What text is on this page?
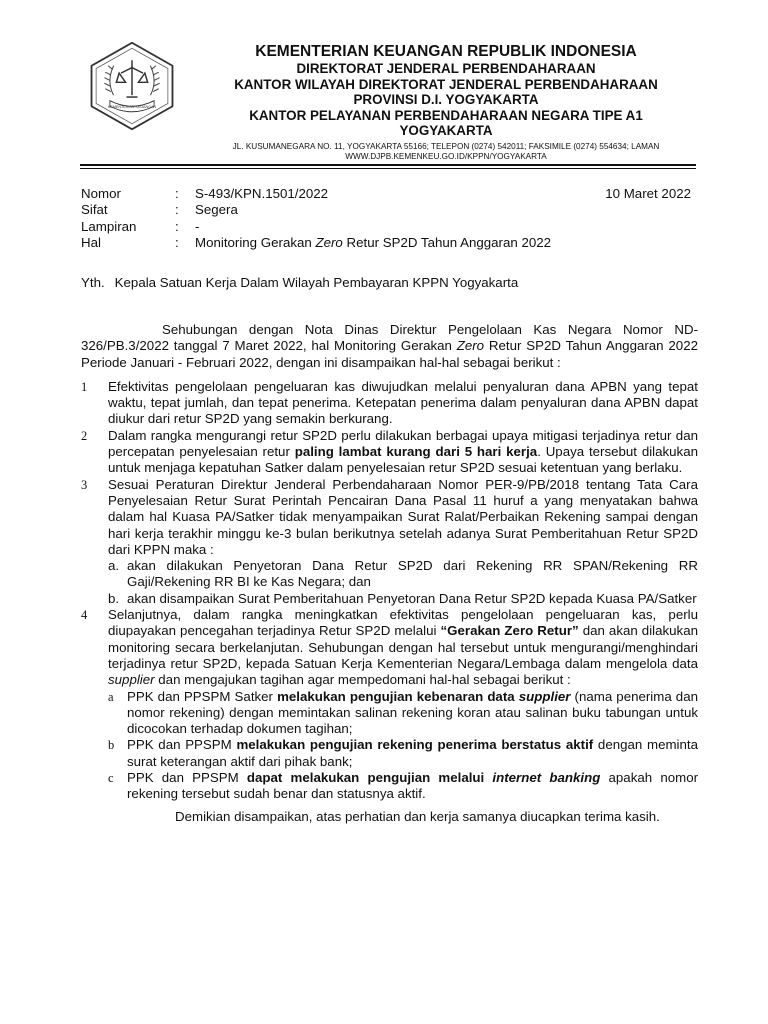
KEMENTERIAN KEUANGAN
KEMENTERIAN KEUANGAN REPUBLIK INDONESIA
DIREKTORAT JENDERAL PERBENDAHARAAN
KANTOR WILAYAH DIREKTORAT JENDERAL PERBENDAHARAAN
PROVINSI D.I. YOGYAKARTA
KANTOR PELAYANAN PERBENDAHARAAN NEGARA TIPE A1
YOGYAKARTA
JL. KUSUMANEGARA NO. 11, YOGYAKARTA 55166; TELEPON (0274) 542011; FAKSIMILE (0274) 554634; LAMAN
WWW.DJPB.KEMENKEU.GO.ID/KPPN/YOGYAKARTA
Nomor	: S-493/KPN.1501/2022	10 Maret 2022
Sifat	: Segera
Lampiran	: -
Hal	: Monitoring Gerakan Zero Retur SP2D Tahun Anggaran 2022
Yth. Kepala Satuan Kerja Dalam Wilayah Pembayaran KPPN Yogyakarta

Sehubungan dengan Nota Dinas Direktur Pengelolaan Kas Negara Nomor ND-326/PB.3/2022 tanggal 7 Maret 2022, hal Monitoring Gerakan Zero Retur SP2D Tahun Anggaran 2022 Periode Januari - Februari 2022, dengan ini disampaikan hal-hal sebagai berikut :

1 Efektivitas pengelolaan pengeluaran kas diwujudkan melalui penyaluran dana APBN yang tepat waktu, tepat jumlah, dan tepat penerima. Ketepatan penerima dalam penyaluran dana APBN dapat diukur dari retur SP2D yang semakin berkurang.
2 Dalam rangka mengurangi retur SP2D perlu dilakukan berbagai upaya mitigasi terjadinya retur dan percepatan penyelesaian retur paling lambat kurang dari 5 hari kerja. Upaya tersebut dilakukan untuk menjaga kepatuhan Satker dalam penyelesaian retur SP2D sesuai ketentuan yang berlaku.
3 Sesuai Peraturan Direktur Jenderal Perbendaharaan Nomor PER-9/PB/2018 tentang Tata Cara Penyelesaian Retur Surat Perintah Pencairan Dana Pasal 11 huruf a yang menyatakan bahwa dalam hal Kuasa PA/Satker tidak menyampaikan Surat Ralat/Perbaikan Rekening sampai dengan hari kerja terakhir minggu ke-3 bulan berikutnya setelah adanya Surat Pemberitahuan Retur SP2D dari KPPN maka :
a. akan dilakukan Penyetoran Dana Retur SP2D dari Rekening RR SPAN/Rekening RR Gaji/Rekening RR BI ke Kas Negara; dan
b. akan disampaikan Surat Pemberitahuan Penyetoran Dana Retur SP2D kepada Kuasa PA/Satker
4 Selanjutnya, dalam rangka meningkatkan efektivitas pengelolaan pengeluaran kas, perlu diupayakan pencegahan terjadinya Retur SP2D melalui “Gerakan Zero Retur” dan akan dilakukan monitoring secara berkelanjutan. Sehubungan dengan hal tersebut untuk mengurangi/menghindari terjadinya retur SP2D, kepada Satuan Kerja Kementerian Negara/Lembaga dalam mengelola data supplier dan mengajukan tagihan agar mempedomani hal-hal sebagai berikut :
a PPK dan PPSPM Satker melakukan pengujian kebenaran data supplier (nama penerima dan nomor rekening) dengan memintakan salinan rekening koran atau salinan buku tabungan untuk dicocokan terhadap dokumen tagihan;
b PPK dan PPSPM melakukan pengujian rekening penerima berstatus aktif dengan meminta surat keterangan aktif dari pihak bank;
c PPK dan PPSPM dapat melakukan pengujian melalui internet banking apakah nomor rekening tersebut sudah benar dan statusnya aktif.

Demikian disampaikan, atas perhatian dan kerja samanya diucapkan terima kasih.
